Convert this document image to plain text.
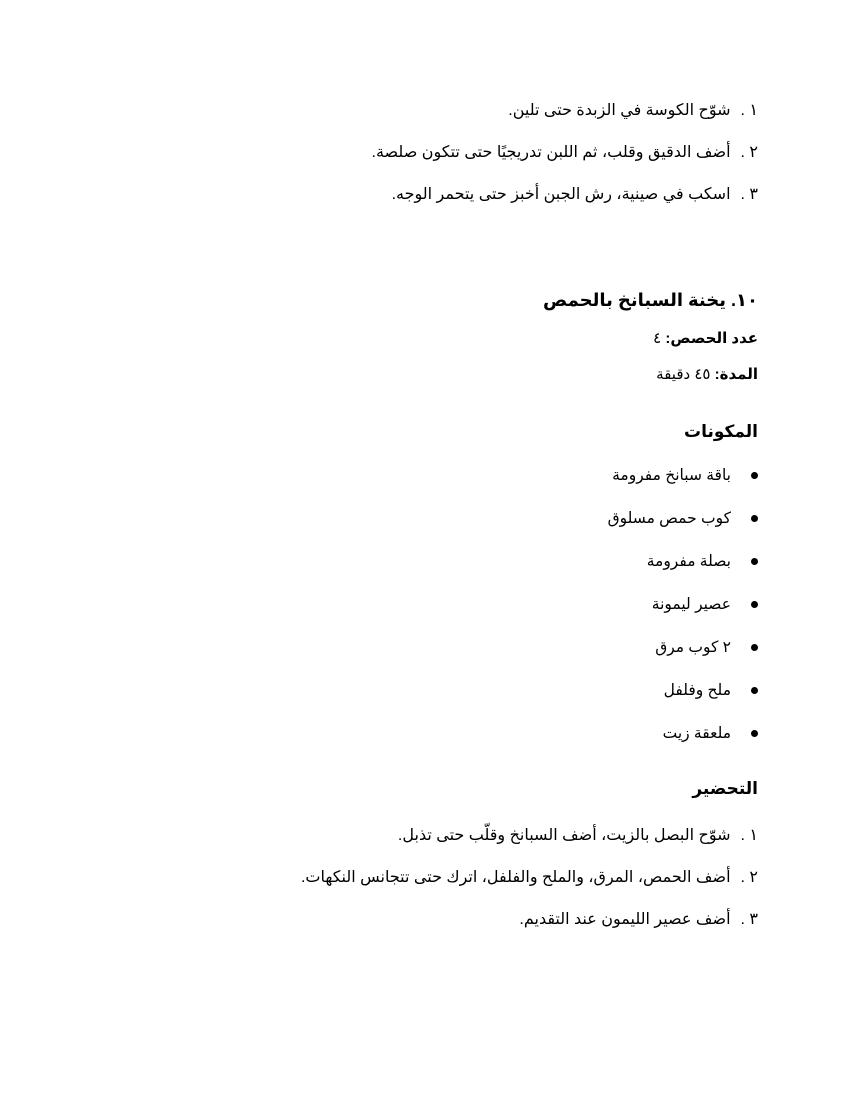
١ .
شوّح الكوسة في الزبدة حتى تلين.
٢ .
أضف الدقيق وقلب، ثم اللبن تدريجيًا حتى تتكون صلصة.
٣ .
اسكب في صينية، رش الجبن أخبز حتى يتحمر الوجه.
١٠. يخنة السبانخ بالحمص
عدد الحصص: ٤
المدة: ٤٥ دقيقة
المكونات
باقة سبانخ مفرومة
كوب حمص مسلوق
بصلة مفرومة
عصير ليمونة
٢ كوب مرق
ملح وفلفل
ملعقة زيت
التحضير
١ .
شوّح البصل بالزيت، أضف السبانخ وقلّب حتى تذبل.
٢ .
أضف الحمص، المرق، والملح والفلفل، اترك حتى تتجانس النكهات.
٣ .
أضف عصير الليمون عند التقديم.
